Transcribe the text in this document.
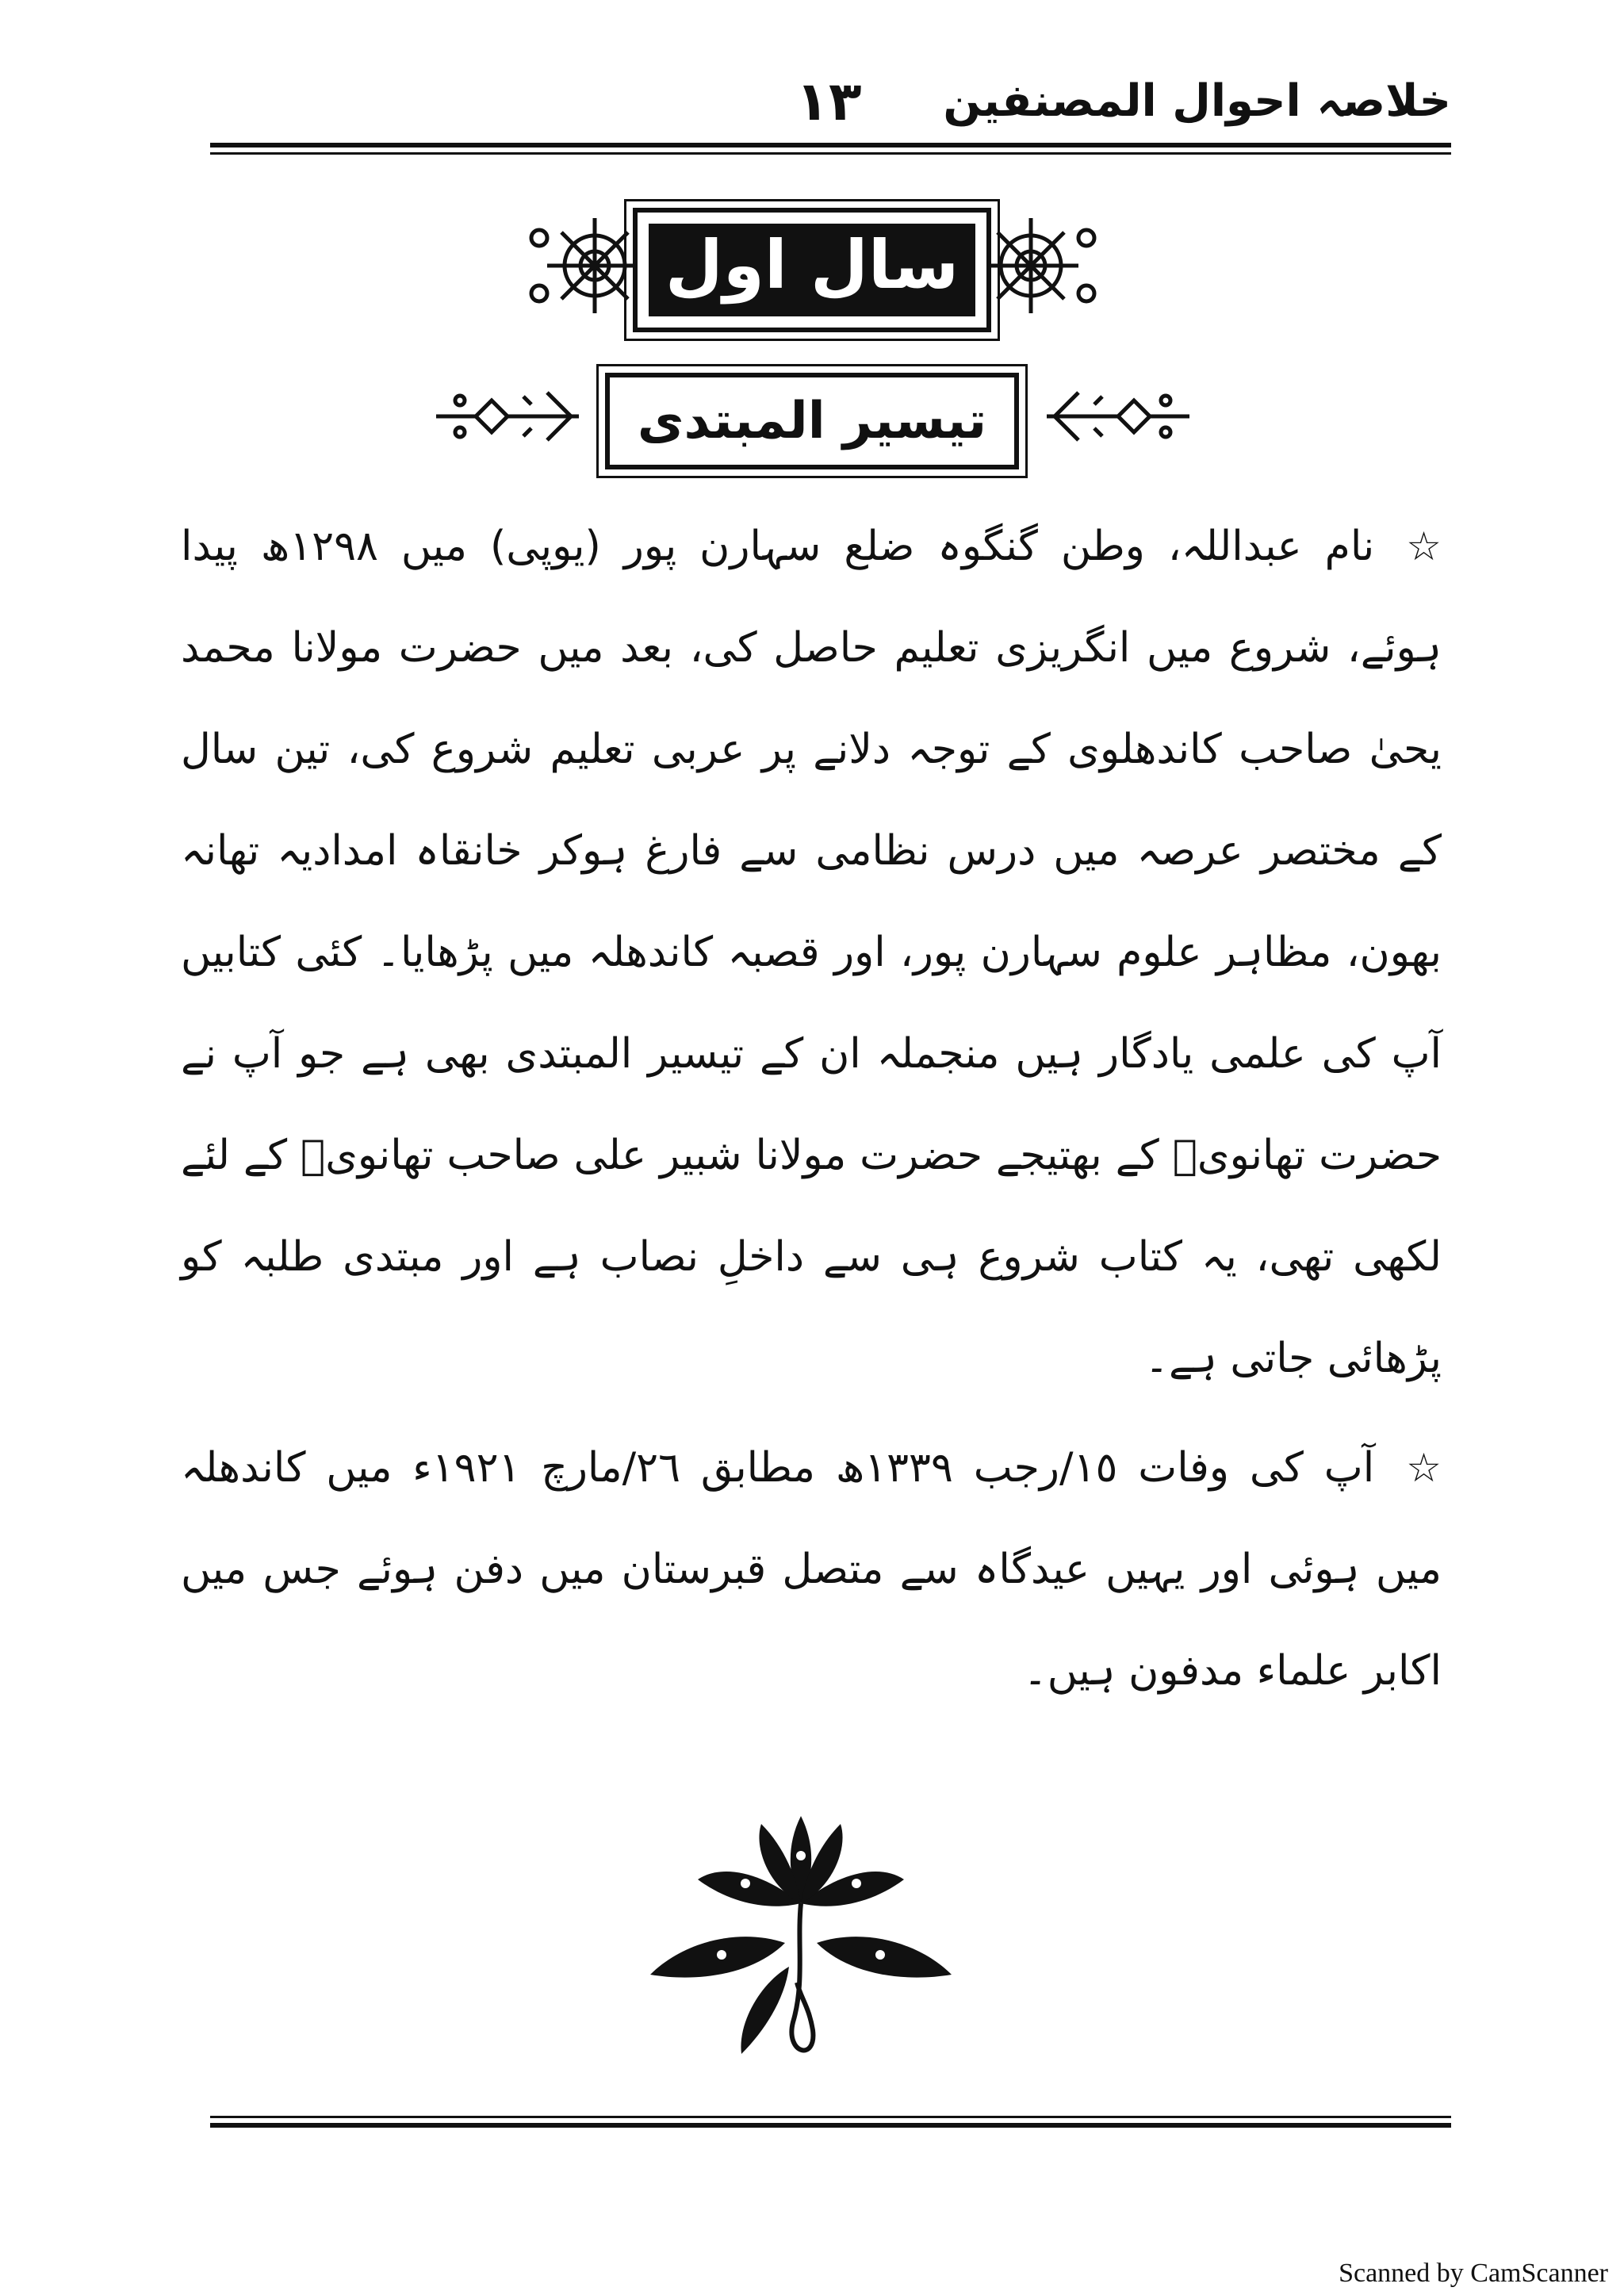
خلاصہ احوال المصنفین
١٣
سال اول
تیسیر المبتدی

☆نام عبداللہ، وطن گنگوہ ضلع سہارن پور (یوپی) میں ١٢٩٨ھ پیدا ہوئے، شروع میں انگریزی تعلیم حاصل کی، بعد میں حضرت مولانا محمد یحیٰ صاحب کاندھلوی کے توجہ دلانے پر عربی تعلیم شروع کی، تین سال کے مختصر عرصہ میں درس نظامی سے فارغ ہوکر خانقاہ امدادیہ تھانہ بھون، مظاہر علوم سہارن پور، اور قصبہ کاندھلہ میں پڑھایا۔ کئی کتابیں آپ کی علمی یادگار ہیں منجملہ ان کے تیسیر المبتدی بھی ہے جو آپ نے حضرت تھانویؒ کے بھتیجے حضرت مولانا شبیر علی صاحب تھانویؒ کے لئے لکھی تھی، یہ کتاب شروع ہی سے داخلِ نصاب ہے اور مبتدی طلبہ کو پڑھائی جاتی ہے۔

☆آپ کی وفات ١٥/رجب ١٣٣٩ھ مطابق ٢٦/مارچ ١٩٢١ء میں کاندھلہ میں ہوئی اور یہیں عیدگاہ سے متصل قبرستان میں دفن ہوئے جس میں اکابر علماء مدفون ہیں۔

Scanned by CamScanner
